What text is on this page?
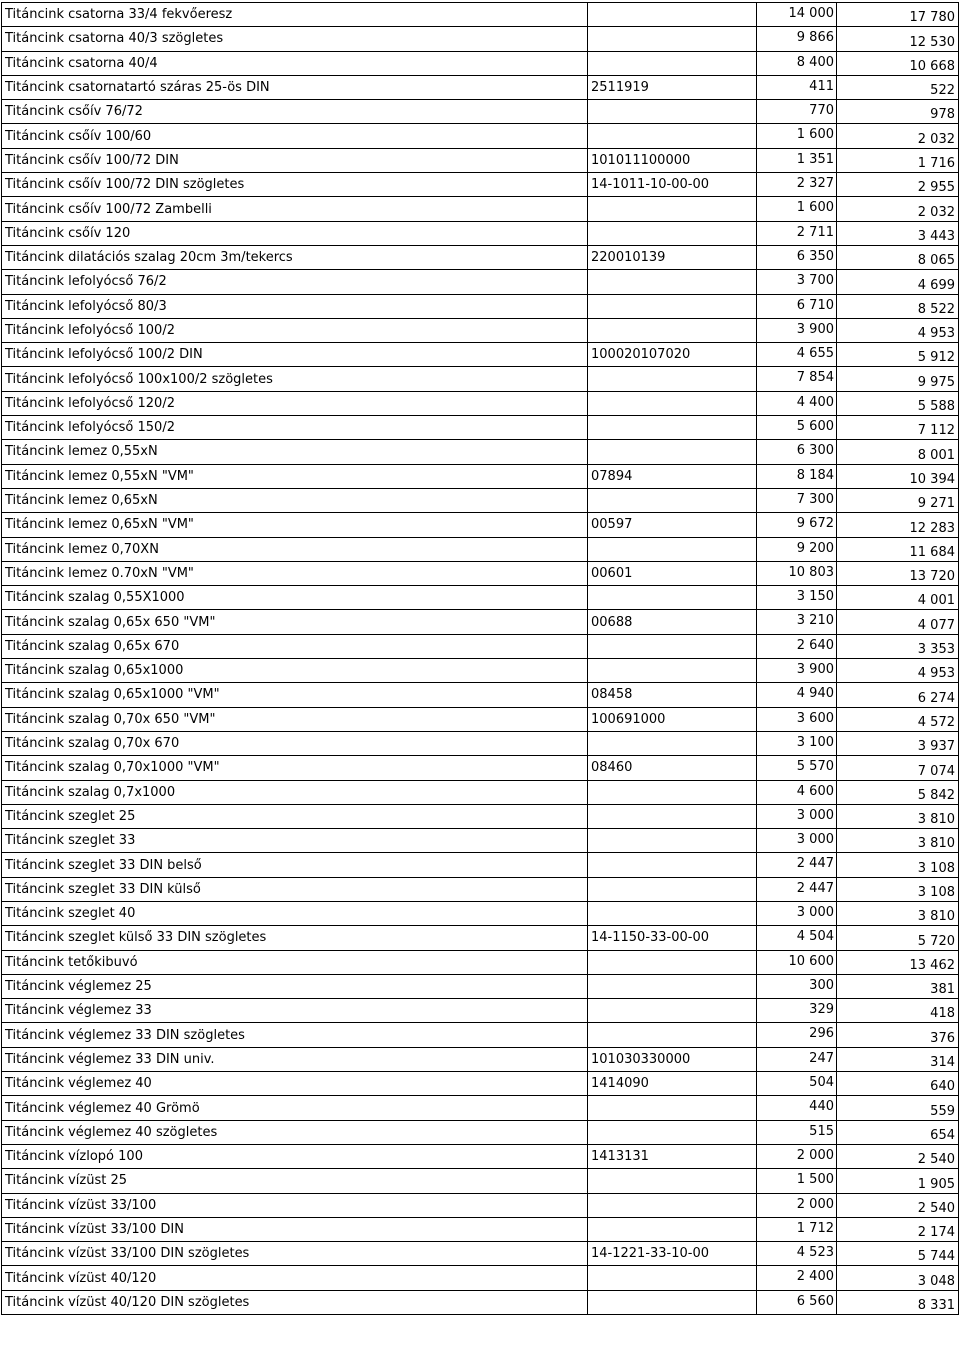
Titáncink csatorna 33/4 fekvőeresz		14 000	17 780
Titáncink csatorna 40/3 szögletes		9 866	12 530
Titáncink csatorna 40/4		8 400	10 668
Titáncink csatornatartó száras 25-ös DIN	2511919	411	522
Titáncink csőív 76/72		770	978
Titáncink csőív 100/60		1 600	2 032
Titáncink csőív 100/72 DIN	101011100000	1 351	1 716
Titáncink csőív 100/72 DIN szögletes	14-1011-10-00-00	2 327	2 955
Titáncink csőív 100/72 Zambelli		1 600	2 032
Titáncink csőív 120		2 711	3 443
Titáncink dilatációs szalag 20cm 3m/tekercs	220010139	6 350	8 065
Titáncink lefolyócső 76/2		3 700	4 699
Titáncink lefolyócső 80/3		6 710	8 522
Titáncink lefolyócső 100/2		3 900	4 953
Titáncink lefolyócső 100/2 DIN	100020107020	4 655	5 912
Titáncink lefolyócső 100x100/2 szögletes		7 854	9 975
Titáncink lefolyócső 120/2		4 400	5 588
Titáncink lefolyócső 150/2		5 600	7 112
Titáncink lemez 0,55xN		6 300	8 001
Titáncink lemez 0,55xN "VM"	07894	8 184	10 394
Titáncink lemez 0,65xN		7 300	9 271
Titáncink lemez 0,65xN "VM"	00597	9 672	12 283
Titáncink lemez 0,70XN		9 200	11 684
Titáncink lemez 0.70xN "VM"	00601	10 803	13 720
Titáncink szalag 0,55X1000		3 150	4 001
Titáncink szalag 0,65x 650 "VM"	00688	3 210	4 077
Titáncink szalag 0,65x 670		2 640	3 353
Titáncink szalag 0,65x1000		3 900	4 953
Titáncink szalag 0,65x1000 "VM"	08458	4 940	6 274
Titáncink szalag 0,70x 650 "VM"	100691000	3 600	4 572
Titáncink szalag 0,70x 670		3 100	3 937
Titáncink szalag 0,70x1000 "VM"	08460	5 570	7 074
Titáncink szalag 0,7x1000		4 600	5 842
Titáncink szeglet 25		3 000	3 810
Titáncink szeglet 33		3 000	3 810
Titáncink szeglet 33 DIN belső		2 447	3 108
Titáncink szeglet 33 DIN külső		2 447	3 108
Titáncink szeglet 40		3 000	3 810
Titáncink szeglet külső 33 DIN szögletes	14-1150-33-00-00	4 504	5 720
Titáncink tetőkibuvó		10 600	13 462
Titáncink véglemez 25		300	381
Titáncink véglemez 33		329	418
Titáncink véglemez 33 DIN szögletes		296	376
Titáncink véglemez 33 DIN univ.	101030330000	247	314
Titáncink véglemez 40	1414090	504	640
Titáncink véglemez 40 Grömö		440	559
Titáncink véglemez 40 szögletes		515	654
Titáncink vízlopó 100	1413131	2 000	2 540
Titáncink vízüst 25		1 500	1 905
Titáncink vízüst 33/100		2 000	2 540
Titáncink vízüst 33/100 DIN		1 712	2 174
Titáncink vízüst 33/100 DIN szögletes	14-1221-33-10-00	4 523	5 744
Titáncink vízüst 40/120		2 400	3 048
Titáncink vízüst 40/120 DIN szögletes		6 560	8 331
